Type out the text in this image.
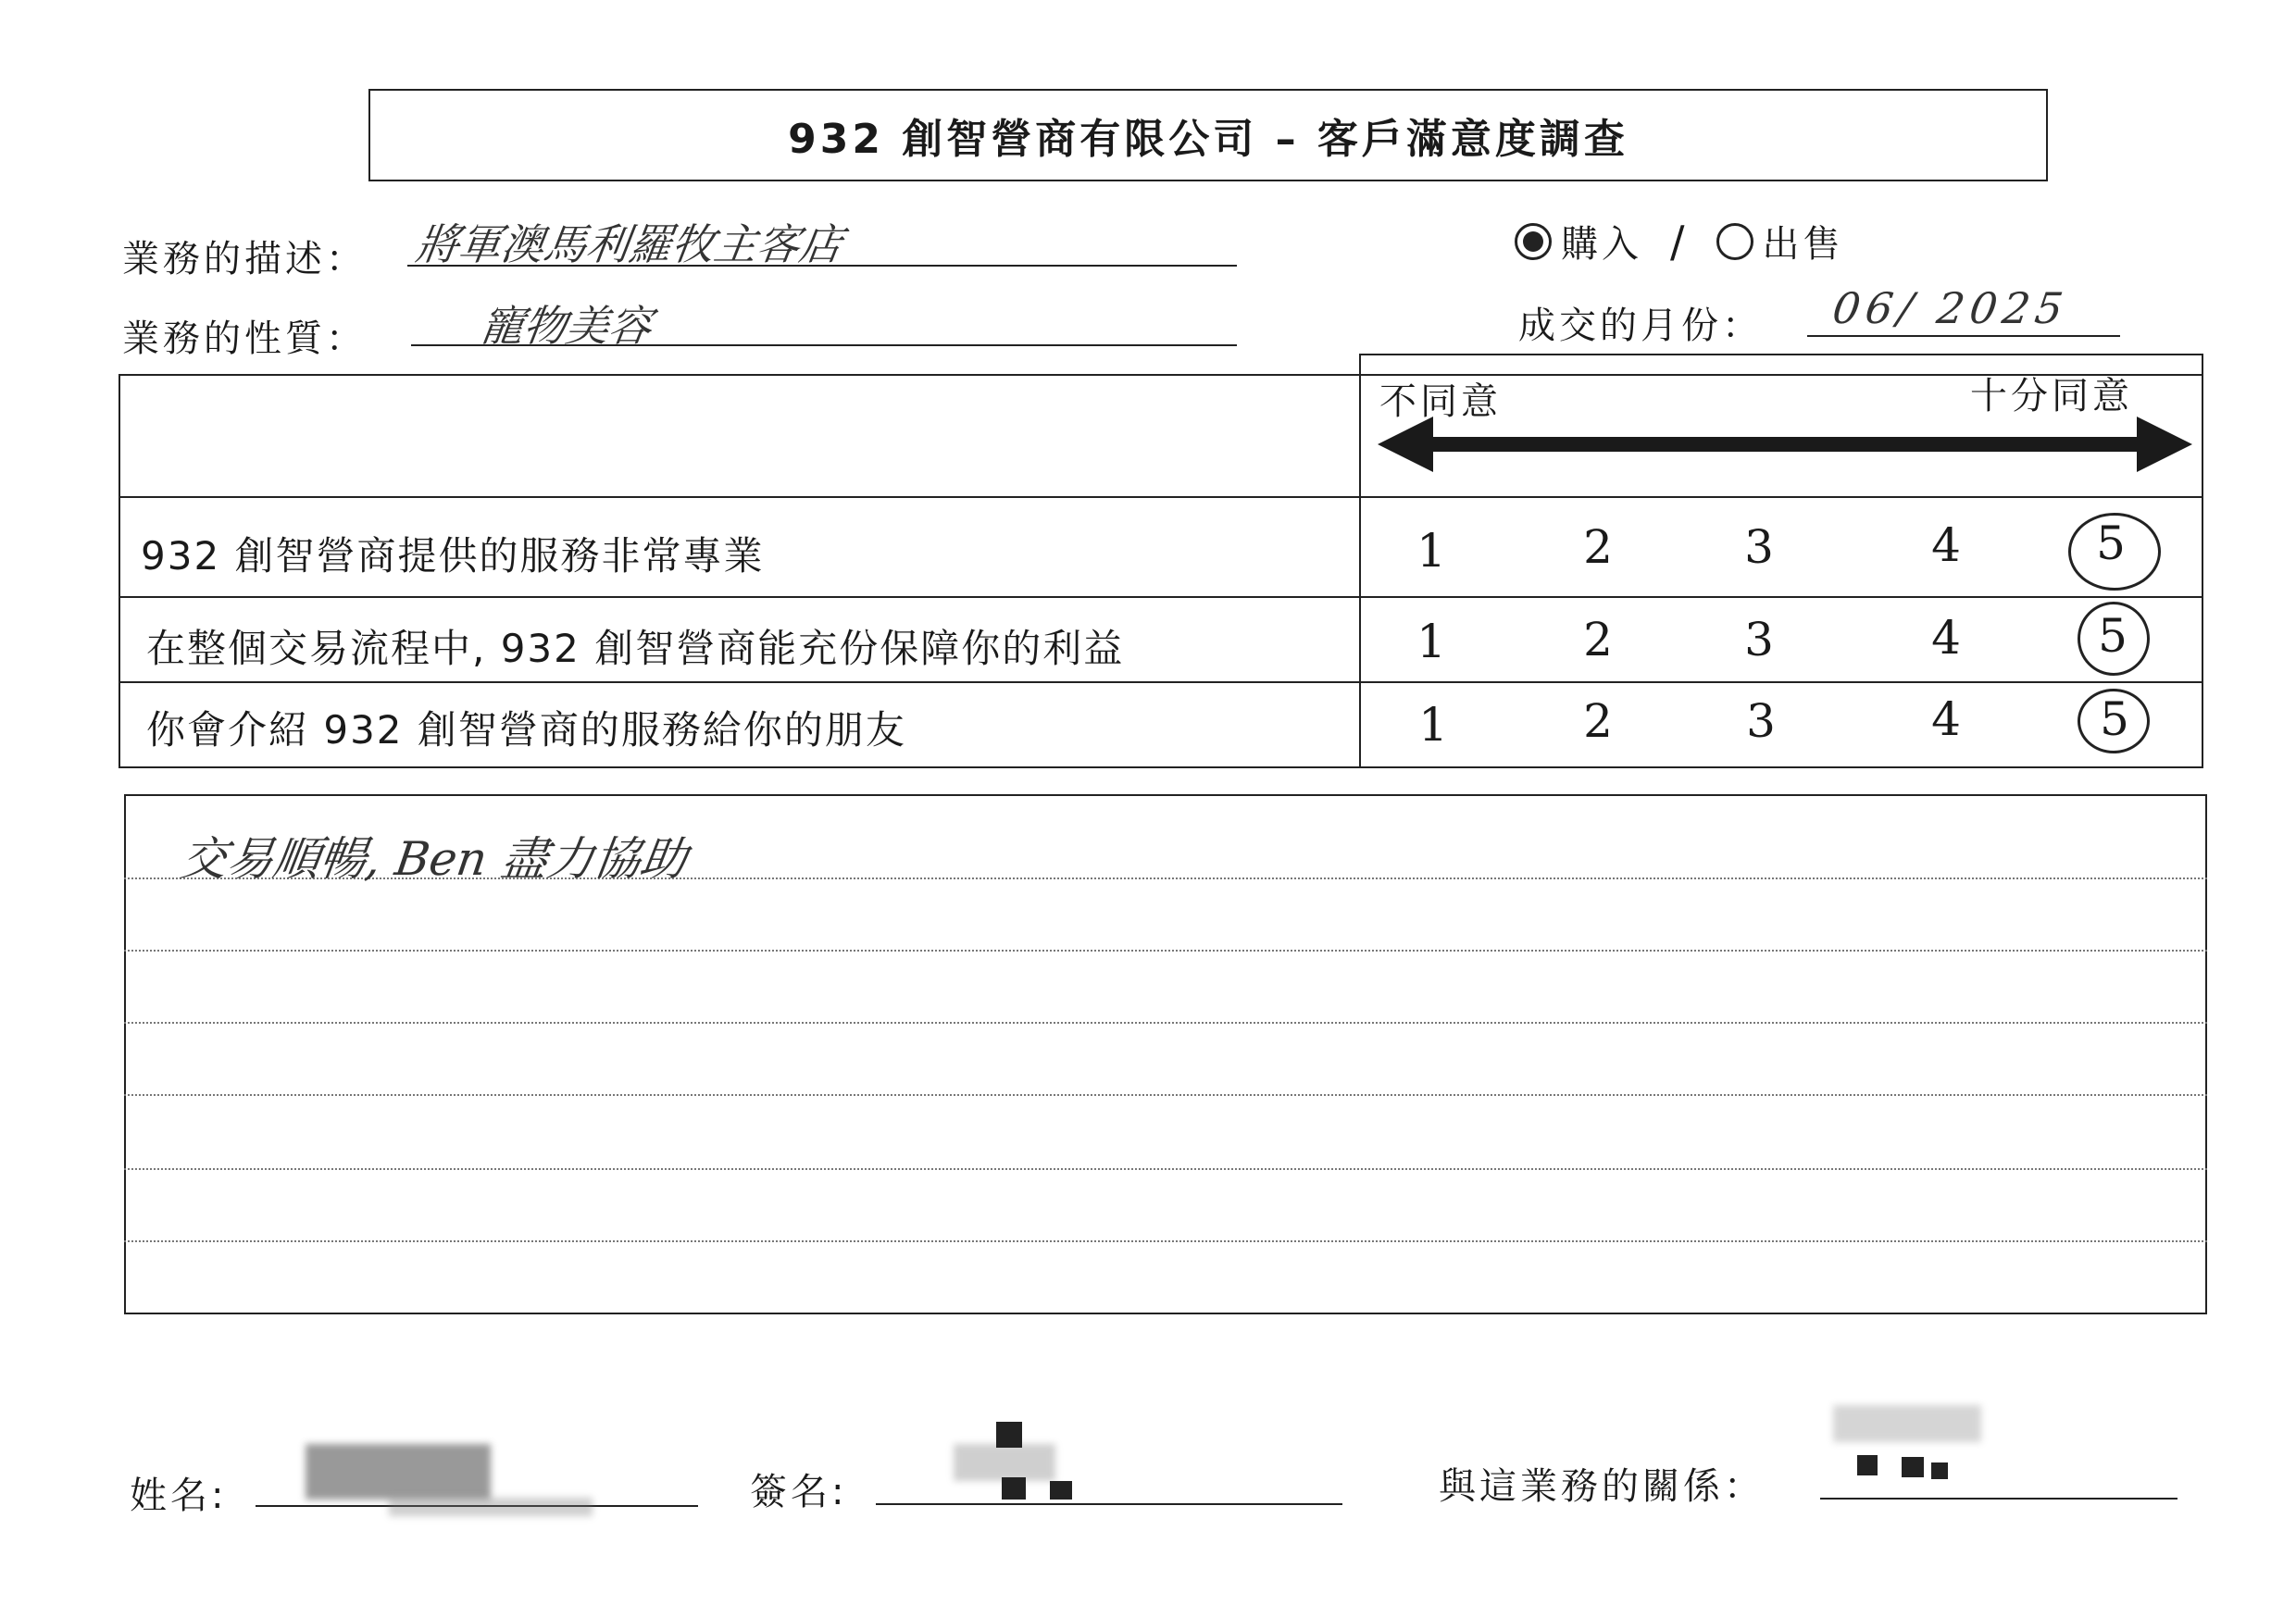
932 創智營商有限公司 – 客戶滿意度調查
業務的描述： 將軍澳馬利羅牧主客店
業務的性質：	寵物美容
購入 / 出售
成交的月份： 06/ 2025
不同意	十分同意
932 創智營商提供的服務非常專業	1	2	3	4	5
在整個交易流程中, 932 創智營商能充份保障你的利益	1	2	3	4	5
你會介紹 932 創智營商的服務給你的朋友	1	2	3	4	5
交易順暢, Ben 盡力協助
姓名:	簽名:	與這業務的關係：
